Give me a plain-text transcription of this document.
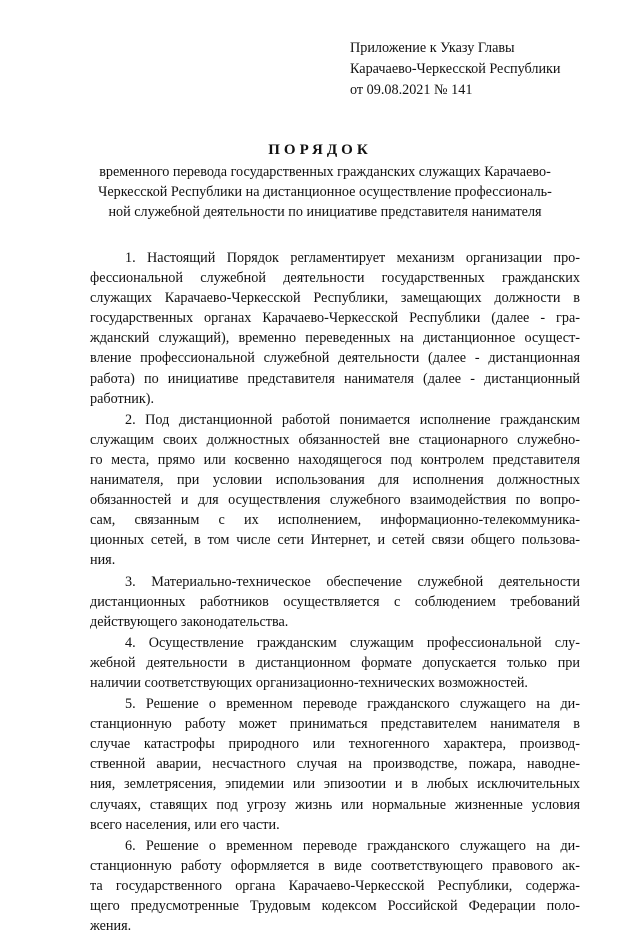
Приложение к Указу Главы
Карачаево-Черкесской Республики
от 09.08.2021 № 141
ПОРЯДОК
временного перевода государственных гражданских служащих Карачаево-
Черкесской Республики на дистанционное осуществление профессиональ-
ной служебной деятельности по инициативе представителя нанимателя
1. Настоящий Порядок регламентирует механизм организации про-
фессиональной служебной деятельности государственных гражданских
служащих Карачаево-Черкесской Республики, замещающих должности в
государственных органах Карачаево-Черкесской Республики (далее - гра-
жданский служащий), временно переведенных на дистанционное осущест-
вление профессиональной служебной деятельности (далее - дистанционная
работа) по инициативе представителя нанимателя (далее - дистанционный
работник).
2. Под дистанционной работой понимается исполнение гражданским
служащим своих должностных обязанностей вне стационарного служебно-
го места, прямо или косвенно находящегося под контролем представителя
нанимателя, при условии использования для исполнения должностных
обязанностей и для осуществления служебного взаимодействия по вопро-
сам, связанным с их исполнением, информационно-телекоммуника-
ционных сетей, в том числе сети Интернет, и сетей связи общего пользова-
ния.
3. Материально-техническое обеспечение служебной деятельности
дистанционных работников осуществляется с соблюдением требований
действующего законодательства.
4. Осуществление гражданским служащим профессиональной слу-
жебной деятельности в дистанционном формате допускается только при
наличии соответствующих организационно-технических возможностей.
5. Решение о временном переводе гражданского служащего на ди-
станционную работу может приниматься представителем нанимателя в
случае катастрофы природного или техногенного характера, производ-
ственной аварии, несчастного случая на производстве, пожара, наводне-
ния, землетрясения, эпидемии или эпизоотии и в любых исключительных
случаях, ставящих под угрозу жизнь или нормальные жизненные условия
всего населения, или его части.
6. Решение о временном переводе гражданского служащего на ди-
станционную работу оформляется в виде соответствующего правового ак-
та государственного органа Карачаево-Черкесской Республики, содержа-
щего предусмотренные Трудовым кодексом Российской Федерации поло-
жения.
